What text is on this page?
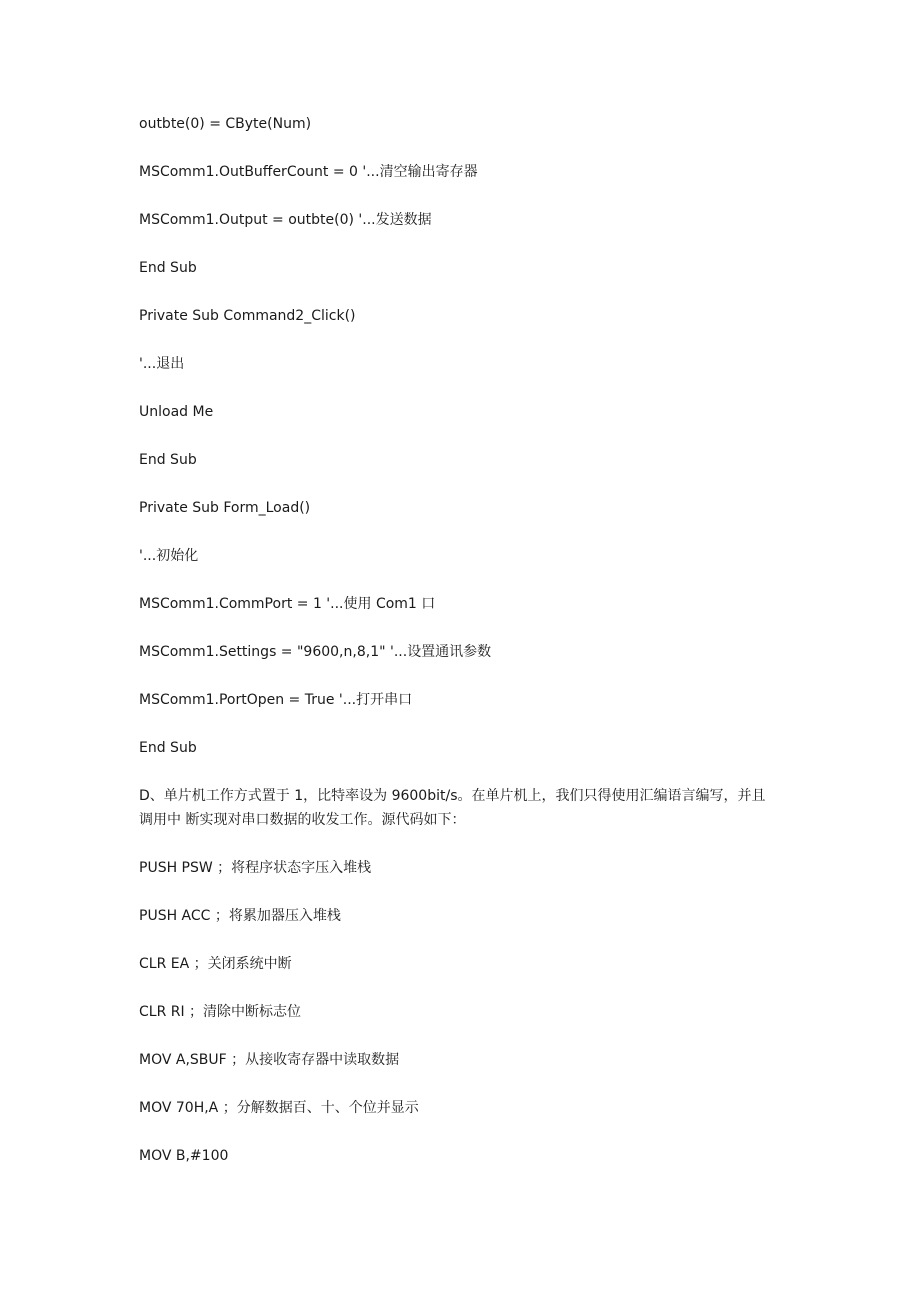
outbte(0) = CByte(Num)
MSComm1.OutBufferCount = 0 '...清空输出寄存器
MSComm1.Output = outbte(0) '...发送数据
End Sub
Private Sub Command2_Click()
'...退出
Unload Me
End Sub
Private Sub Form_Load()
'...初始化
MSComm1.CommPort = 1 '...使用 Com1 口
MSComm1.Settings = "9600,n,8,1" '...设置通讯参数
MSComm1.PortOpen = True '...打开串口
End Sub
D、单片机工作方式置于 1，比特率设为 9600bit/s。在单片机上，我们只得使用汇编语言编写，并且调用中 断实现对串口数据的收发工作。源代码如下：
PUSH PSW ；将程序状态字压入堆栈
PUSH ACC ；将累加器压入堆栈
CLR EA ；关闭系统中断
CLR RI ；清除中断标志位
MOV A,SBUF ；从接收寄存器中读取数据
MOV 70H,A ；分解数据百、十、个位并显示
MOV B,#100
